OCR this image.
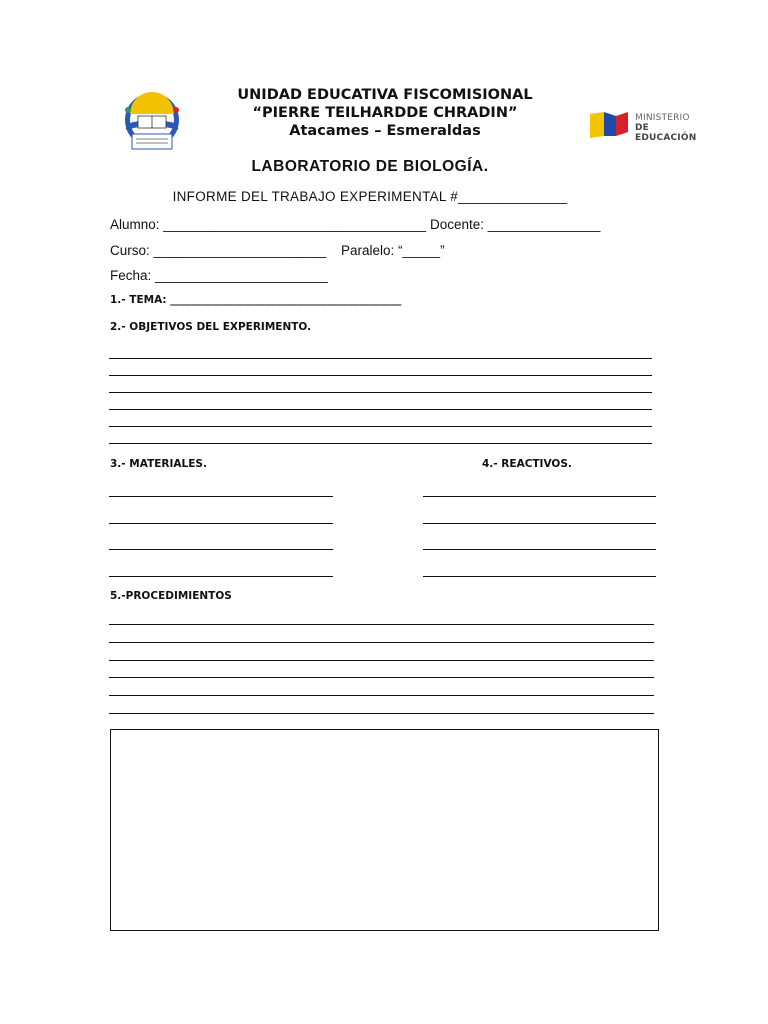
UNIDAD EDUCATIVA FISCOMISIONAL
“PIERRE TEILHARDDE CHRADIN”
Atacames – Esmeraldas
MINISTERIO
DE EDUCACIÓN
LABORATORIO DE BIOLOGÍA.
INFORME DEL TRABAJO EXPERIMENTAL #______________
Alumno: ___________________________________ Docente: _______________
Curso: _______________________ Paralelo: “_____”
Fecha: _______________________
1.- TEMA: ____________________________________________
2.- OBJETIVOS DEL EXPERIMENTO.
3.- MATERIALES.	4.- REACTIVOS.
5.-PROCEDIMIENTOS
